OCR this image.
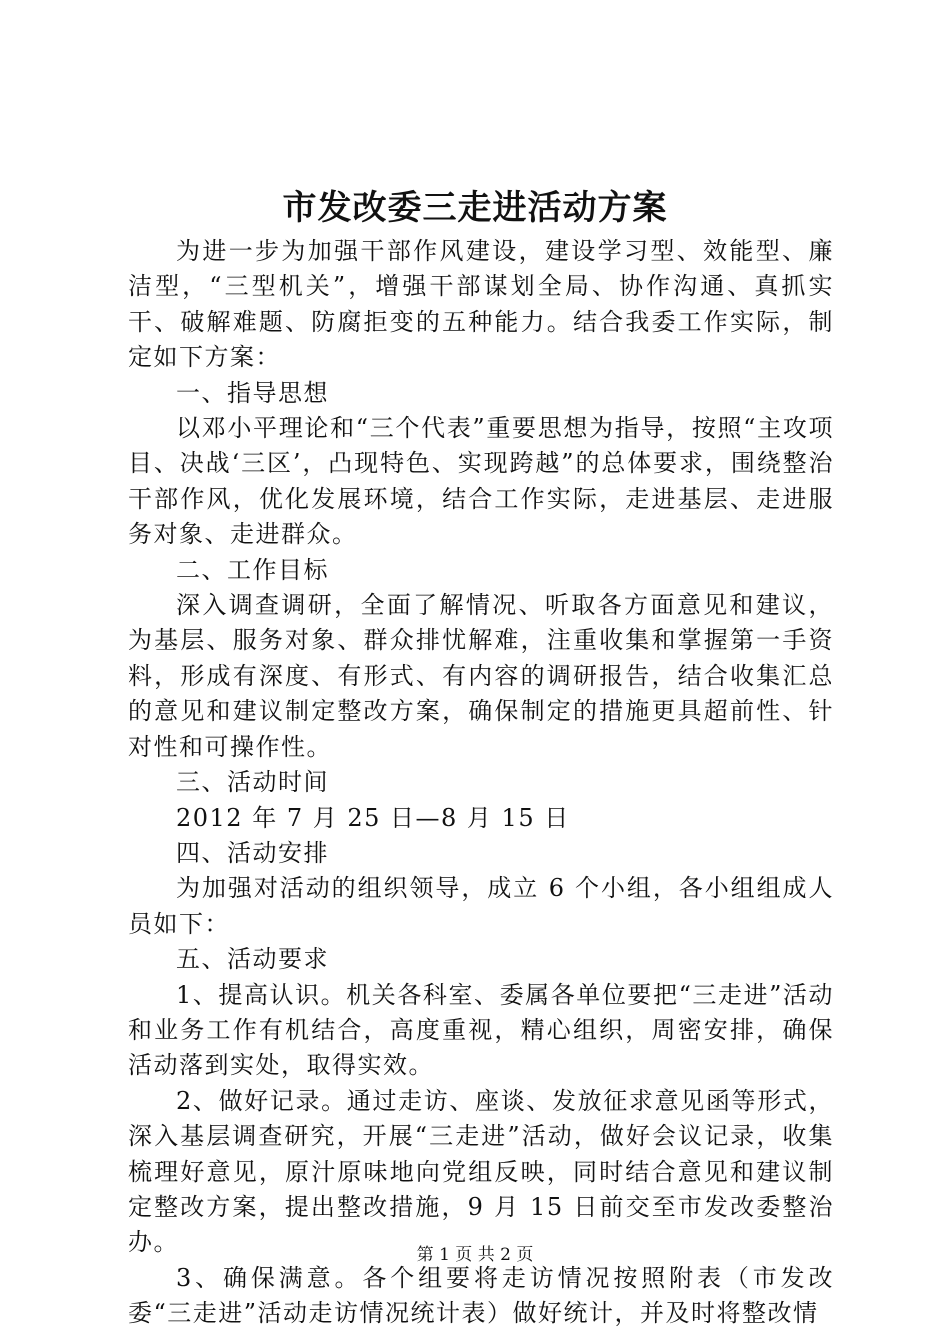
市发改委三走进活动方案

为进一步为加强干部作风建设，建设学习型、效能型、廉洁型，“三型机关”，增强干部谋划全局、协作沟通、真抓实干、破解难题、防腐拒变的五种能力。结合我委工作实际，制定如下方案：

一、指导思想

以邓小平理论和“三个代表”重要思想为指导，按照“主攻项目、决战‘三区’，凸现特色、实现跨越”的总体要求，围绕整治干部作风，优化发展环境，结合工作实际，走进基层、走进服务对象、走进群众。

二、工作目标

深入调查调研，全面了解情况、听取各方面意见和建议，为基层、服务对象、群众排忧解难，注重收集和掌握第一手资料，形成有深度、有形式、有内容的调研报告，结合收集汇总的意见和建议制定整改方案，确保制定的措施更具超前性、针对性和可操作性。

三、活动时间

2012 年 7 月 25 日—8 月 15 日

四、活动安排

为加强对活动的组织领导，成立 6 个小组，各小组组成人员如下：

五、活动要求

1、提高认识。机关各科室、委属各单位要把“三走进”活动和业务工作有机结合，高度重视，精心组织，周密安排，确保活动落到实处，取得实效。

2、做好记录。通过走访、座谈、发放征求意见函等形式，深入基层调查研究，开展“三走进”活动，做好会议记录，收集梳理好意见，原汁原味地向党组反映，同时结合意见和建议制定整改方案，提出整改措施，9 月 15 日前交至市发改委整治办。

3、确保满意。各个组要将走访情况按照附表（市发改委“三走进”活动走访情况统计表）做好统计，并及时将整改情

第 1 页 共 2 页
